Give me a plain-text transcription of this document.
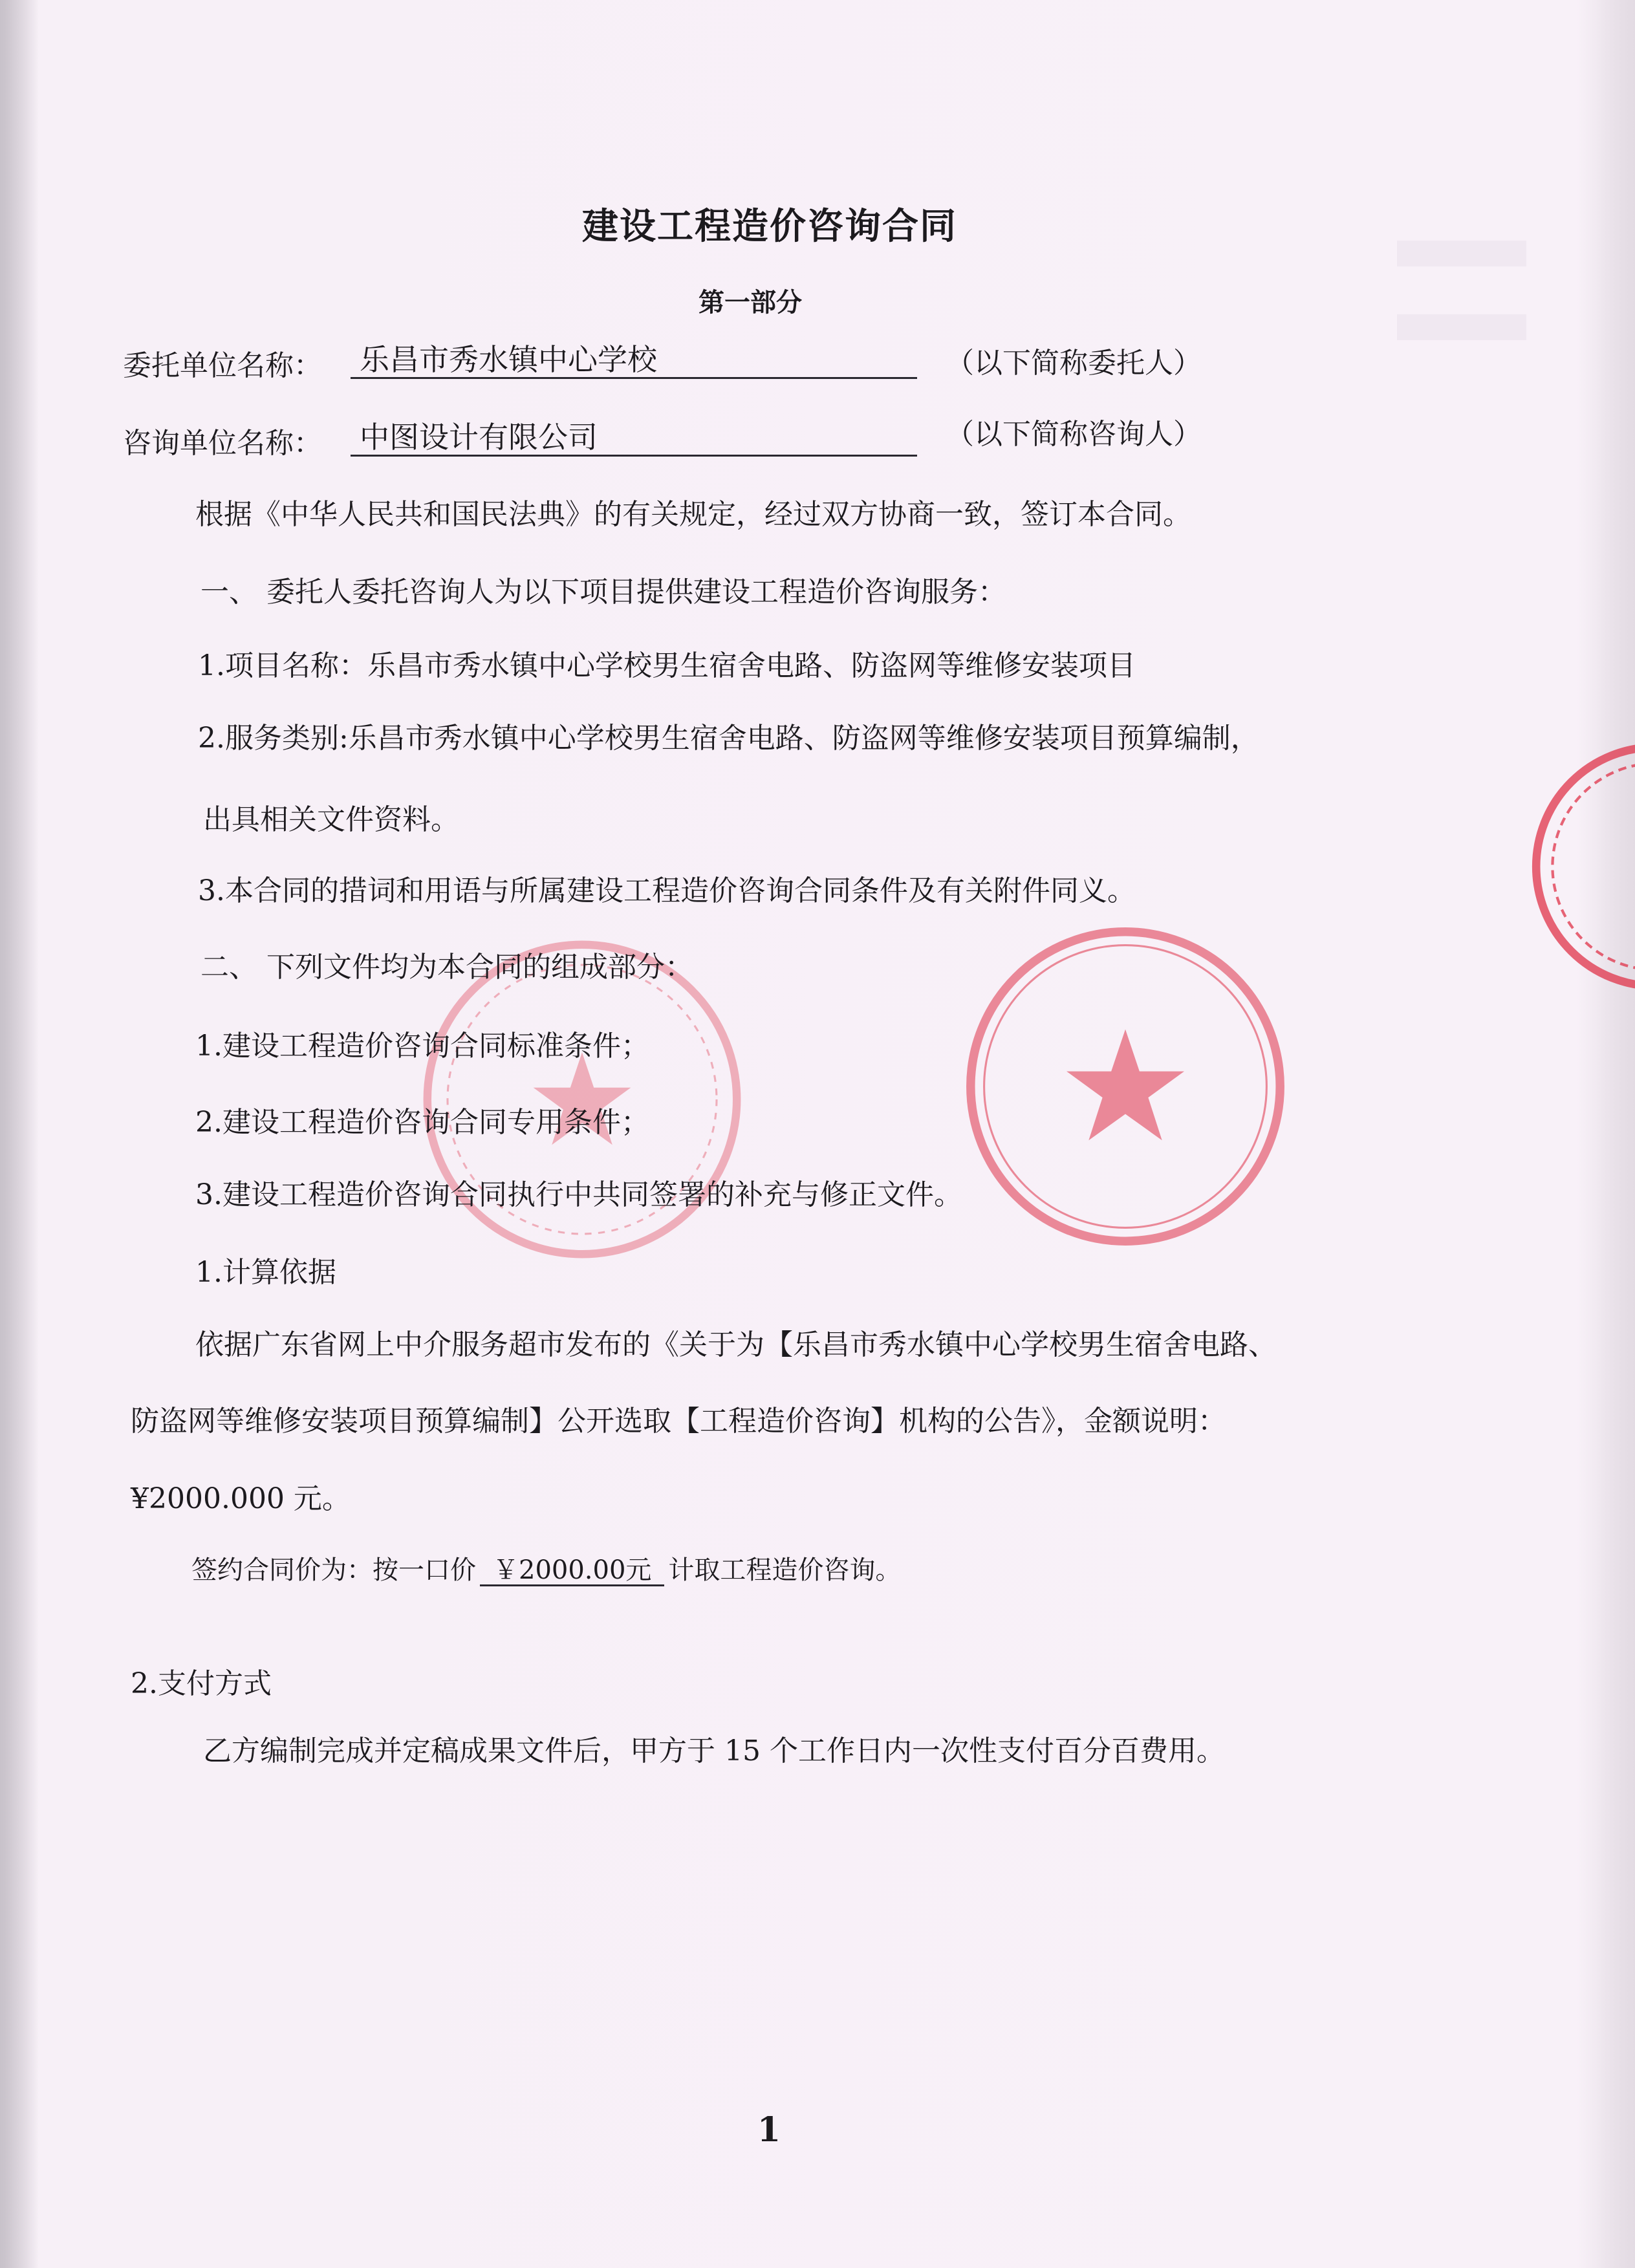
建设工程造价咨询合同
第一部分
委托单位名称：	乐昌市秀水镇中心学校	（以下简称委托人）
咨询单位名称：	中图设计有限公司	（以下简称咨询人）
根据《中华人民共和国民法典》的有关规定，经过双方协商一致，签订本合同。
一、 委托人委托咨询人为以下项目提供建设工程造价咨询服务：
1.项目名称：乐昌市秀水镇中心学校男生宿舍电路、防盗网等维修安装项目
2.服务类别:乐昌市秀水镇中心学校男生宿舍电路、防盗网等维修安装项目预算编制，
出具相关文件资料。
3.本合同的措词和用语与所属建设工程造价咨询合同条件及有关附件同义。
二、 下列文件均为本合同的组成部分：
1.建设工程造价咨询合同标准条件；
2.建设工程造价咨询合同专用条件；
3.建设工程造价咨询合同执行中共同签署的补充与修正文件。
1.计算依据
依据广东省网上中介服务超市发布的《关于为【乐昌市秀水镇中心学校男生宿舍电路、
防盗网等维修安装项目预算编制】公开选取【工程造价咨询】机构的公告》，金额说明：
¥2000.000 元。
签约合同价为：按一口价 ￥2000.00元 计取工程造价咨询。
2.支付方式
乙方编制完成并定稿成果文件后，甲方于 15 个工作日内一次性支付百分百费用。
1
